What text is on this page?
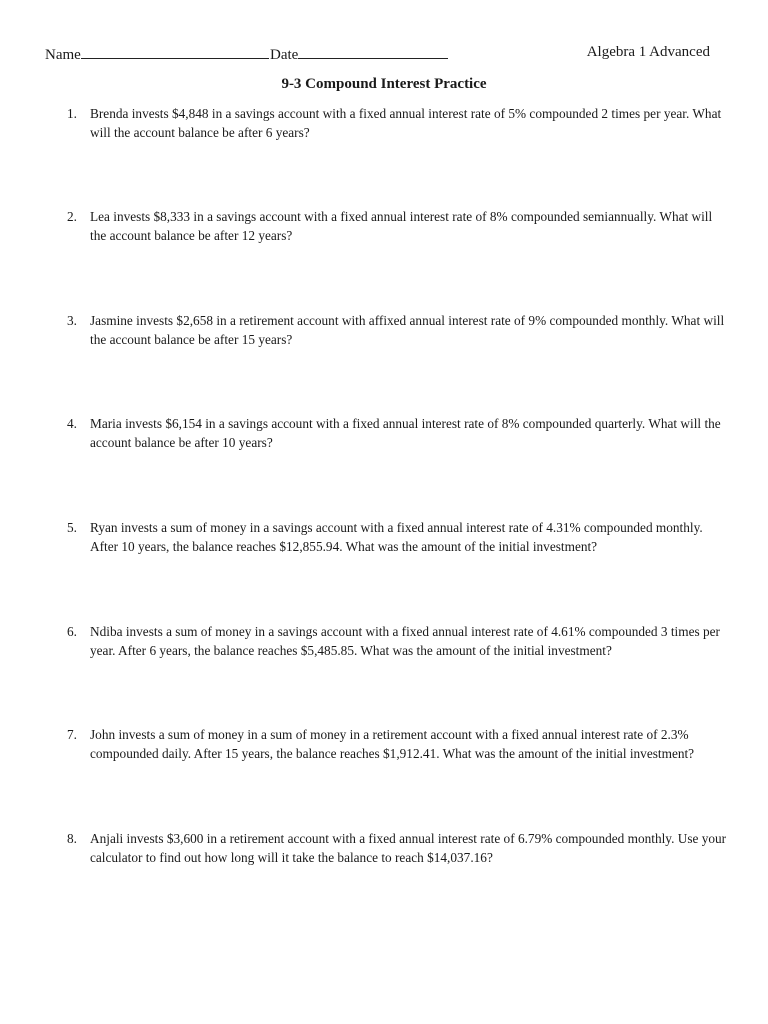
Name	Date	Algebra 1 Advanced
9-3 Compound Interest Practice
1. Brenda invests $4,848 in a savings account with a fixed annual interest rate of 5% compounded 2 times per year. What will the account balance be after 6 years?
2. Lea invests $8,333 in a savings account with a fixed annual interest rate of 8% compounded semiannually. What will the account balance be after 12 years?
3. Jasmine invests $2,658 in a retirement account with affixed annual interest rate of 9% compounded monthly. What will the account balance be after 15 years?
4. Maria invests $6,154 in a savings account with a fixed annual interest rate of 8% compounded quarterly. What will the account balance be after 10 years?
5. Ryan invests a sum of money in a savings account with a fixed annual interest rate of 4.31% compounded monthly. After 10 years, the balance reaches $12,855.94. What was the amount of the initial investment?
6. Ndiba invests a sum of money in a savings account with a fixed annual interest rate of 4.61% compounded 3 times per year. After 6 years, the balance reaches $5,485.85. What was the amount of the initial investment?
7. John invests a sum of money in a sum of money in a retirement account with a fixed annual interest rate of 2.3% compounded daily. After 15 years, the balance reaches $1,912.41. What was the amount of the initial investment?
8. Anjali invests $3,600 in a retirement account with a fixed annual interest rate of 6.79% compounded monthly. Use your calculator to find out how long will it take the balance to reach $14,037.16?
